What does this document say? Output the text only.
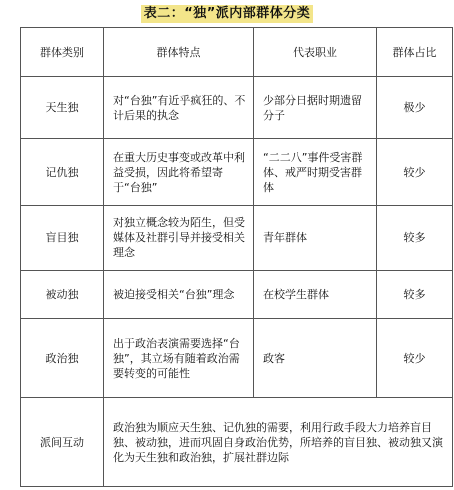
表二：“独”派内部群体分类
群体类别	群体特点	代表职业	群体占比
天生独	对“台独”有近乎疯狂的、不计后果的执念	少部分日据时期遗留分子	极少
记仇独	在重大历史事变或改革中利益受损，因此将希望寄于“台独”	“二二八”事件受害群体、戒严时期受害群体	较少
盲目独	对独立概念较为陌生，但受媒体及社群引导并接受相关理念	青年群体	较多
被动独	被迫接受相关“台独”理念	在校学生群体	较多
政治独	出于政治表演需要选择“台独”，其立场有随着政治需要转变的可能性	政客	较少
派间互动	政治独为顺应天生独、记仇独的需要，利用行政手段大力培养盲目独、被动独，进而巩固自身政治优势，所培养的盲目独、被动独又演化为天生独和政治独，扩展社群边际		
